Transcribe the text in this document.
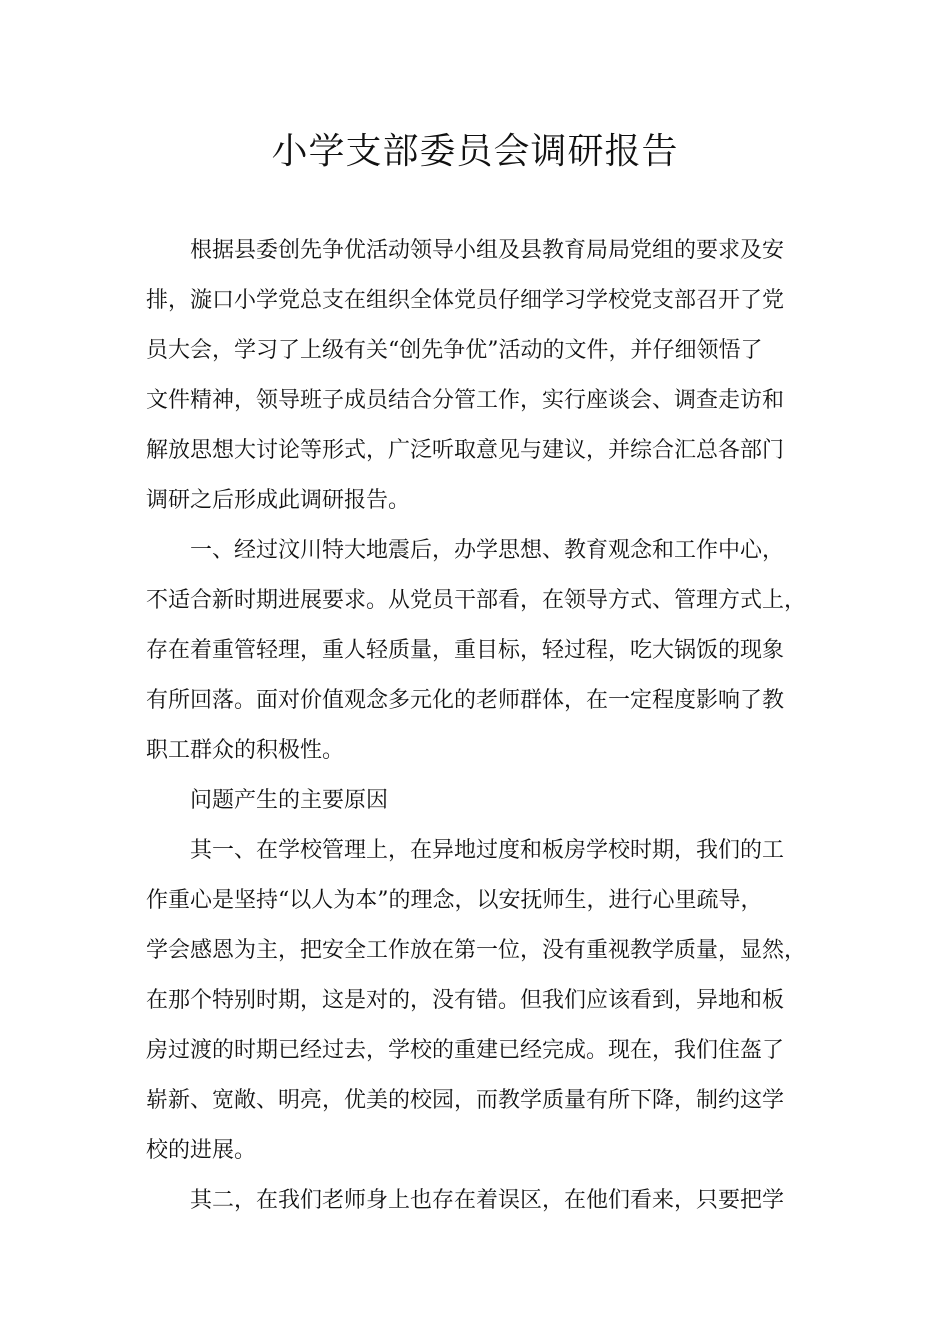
小学支部委员会调研报告

　　根据县委创先争优活动领导小组及县教育局局党组的要求及安

排，漩口小学党总支在组织全体党员仔细学习学校党支部召开了党

员大会，学习了上级有关“创先争优”活动的文件，并仔细领悟了

文件精神，领导班子成员结合分管工作，实行座谈会、调查走访和

解放思想大讨论等形式，广泛听取意见与建议，并综合汇总各部门

调研之后形成此调研报告。

　　一、经过汶川特大地震后，办学思想、教育观念和工作中心，

不适合新时期进展要求。从党员干部看，在领导方式、管理方式上，

存在着重管轻理，重人轻质量，重目标，轻过程，吃大锅饭的现象

有所回落。面对价值观念多元化的老师群体，在一定程度影响了教

职工群众的积极性。

　　问题产生的主要原因

　　其一、在学校管理上，在异地过度和板房学校时期，我们的工

作重心是坚持“以人为本”的理念，以安抚师生，进行心里疏导，

学会感恩为主，把安全工作放在第一位，没有重视教学质量，显然，

在那个特别时期，这是对的，没有错。但我们应该看到，异地和板

房过渡的时期已经过去，学校的重建已经完成。现在，我们住盔了

崭新、宽敞、明亮，优美的校园，而教学质量有所下降，制约这学

校的进展。

　　其二，在我们老师身上也存在着误区，在他们看来，只要把学
